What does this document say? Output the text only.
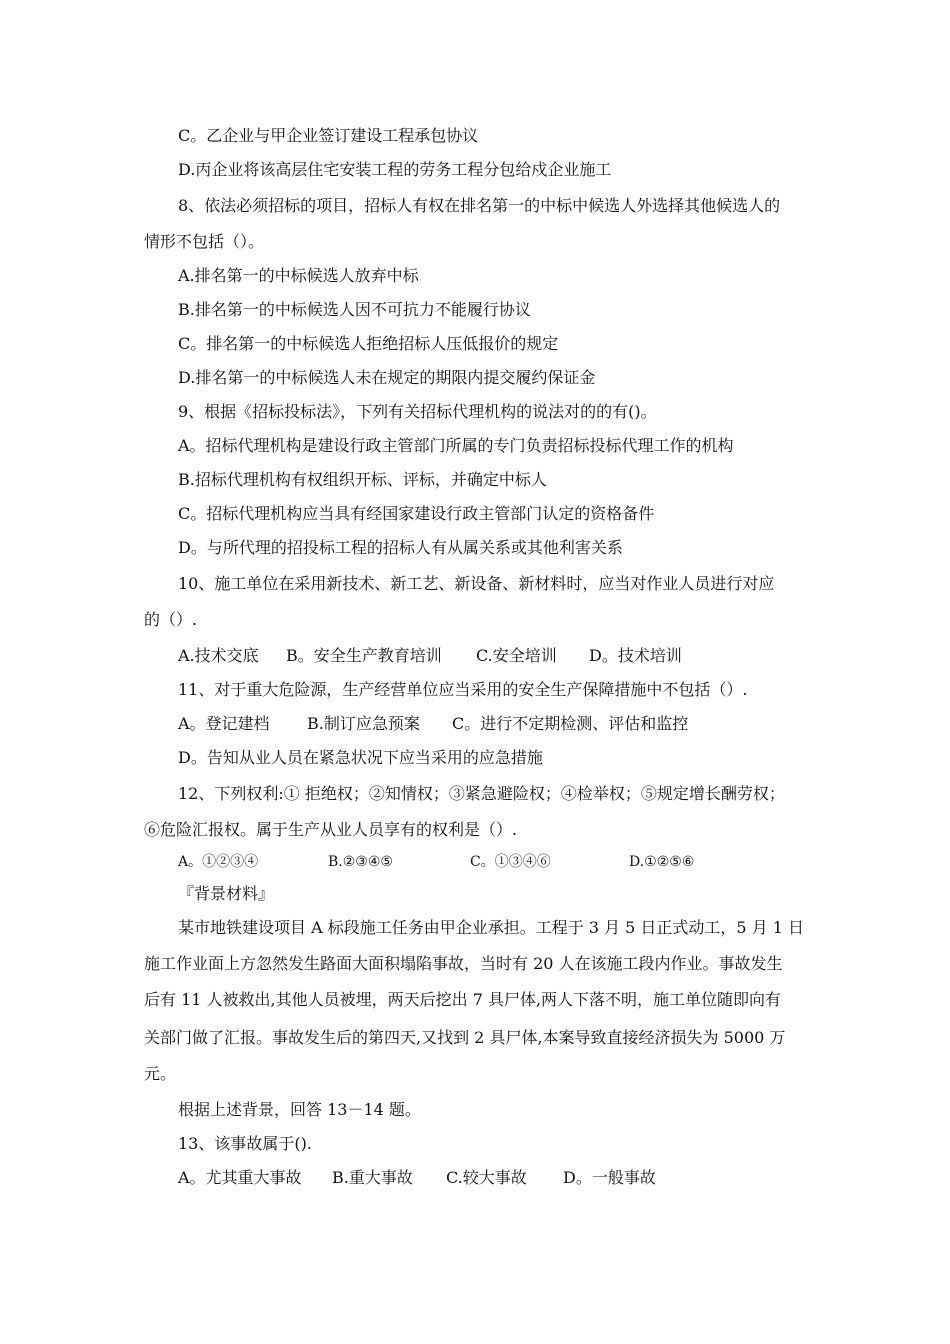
C。乙企业与甲企业签订建设工程承包协议
D.丙企业将该高层住宅安装工程的劳务工程分包给戍企业施工
8、依法必须招标的项目，招标人有权在排名第一的中标中候选人外选择其他候选人的
情形不包括（）。
A.排名第一的中标候选人放弃中标
B.排名第一的中标候选人因不可抗力不能履行协议
C。排名第一的中标候选人拒绝招标人压低报价的规定
D.排名第一的中标候选人未在规定的期限内提交履约保证金
9、根据《招标投标法》，下列有关招标代理机构的说法对的的有()。
A。招标代理机构是建设行政主管部门所属的专门负责招标投标代理工作的机构
B.招标代理机构有权组织开标、评标，并确定中标人
C。招标代理机构应当具有经国家建设行政主管部门认定的资格备件
D。与所代理的招投标工程的招标人有从属关系或其他利害关系
10、施工单位在采用新技术、新工艺、新设备、新材料时，应当对作业人员进行对应
的（）.
A.技术交底 B。安全生产教育培训 C.安全培训 D。技术培训
11、对于重大危险源，生产经营单位应当采用的安全生产保障措施中不包括（）.
A。登记建档 B.制订应急预案 C。进行不定期检测、评估和监控
D。告知从业人员在紧急状况下应当采用的应急措施
12、下列权利:① 拒绝权；②知情权；③紧急避险权；④检举权；⑤规定增长酬劳权；
⑥危险汇报权。属于生产从业人员享有的权利是（）.
A。①②③④	B.②③④⑤	C。①③④⑥	D.①②⑤⑥
『背景材料』
某市地铁建设项目 A 标段施工任务由甲企业承担。工程于 3 月 5 日正式动工，5 月 1 日
施工作业面上方忽然发生路面大面积塌陷事故，当时有 20 人在该施工段内作业。事故发生
后有 11 人被救出,其他人员被埋，两天后挖出 7 具尸体,两人下落不明，施工单位随即向有
关部门做了汇报。事故发生后的第四天,又找到 2 具尸体,本案导致直接经济损失为 5000 万
元。
根据上述背景，回答 13－14 题。
13、该事故属于().
A。尤其重大事故 B.重大事故 C.较大事故 D。一般事故
